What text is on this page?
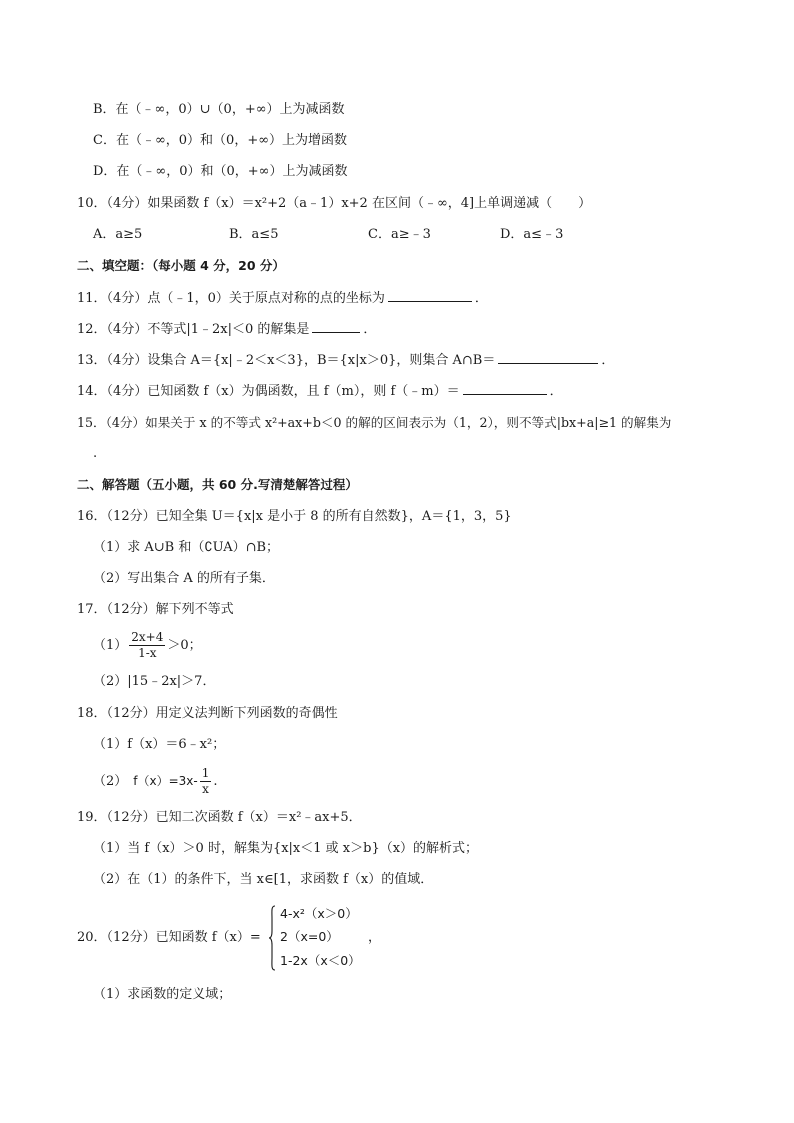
B．在（﹣∞，0）∪（0，+∞）上为减函数
C．在（﹣∞，0）和（0，+∞）上为增函数
D．在（﹣∞，0）和（0，+∞）上为减函数
10．（4分）如果函数 f（x）＝x²+2（a﹣1）x+2 在区间（﹣∞，4]上单调递减（　　）
A．a≥5	B．a≤5	C．a≥﹣3	D．a≤﹣3
二、填空题：（每小题 4 分，20 分）
11．（4分）点（﹣1，0）关于原点对称的点的坐标为	．
12．（4分）不等式|1﹣2x|＜0 的解集是	．
13．（4分）设集合 A＝{x|﹣2＜x＜3}，B＝{x|x＞0}，则集合 A∩B＝	．
14．（4分）已知函数 f（x）为偶函数，且 f（m），则 f（﹣m）＝	．
15．（4分）如果关于 x 的不等式 x²+ax+b＜0 的解的区间表示为（1，2），则不等式|bx+a|≥1 的解集为
.
二、解答题（五小题，共 60 分.写清楚解答过程）
16．（12分）已知全集 U＝{x|x 是小于 8 的所有自然数}，A＝{1，3，5}
（1）求 A∪B 和（∁UA）∩B；
（2）写出集合 A 的所有子集．
17．（12分）解下列不等式
$(1) \frac{2x+4}{1-x} >0$；
（2）|15﹣2x|＞7．
18．（12分）用定义法判断下列函数的奇偶性
（1）f（x）＝6﹣x²；
（2） $f(x)=3x- \frac{1}{x}$ .
19．（12分）已知二次函数 f（x）＝x²﹣ax+5．
（1）当 f（x）＞0 时，解集为{x|x＜1 或 x＞b}（x）的解析式；
（2）在（1）的条件下，当 x∈[1，求函数 f（x）的值域．
20．（12分）已知函数 f（x）=
4-x²（x＞0）
2（x=0）
1-2x（x＜0）
，
（1）求函数的定义域；
